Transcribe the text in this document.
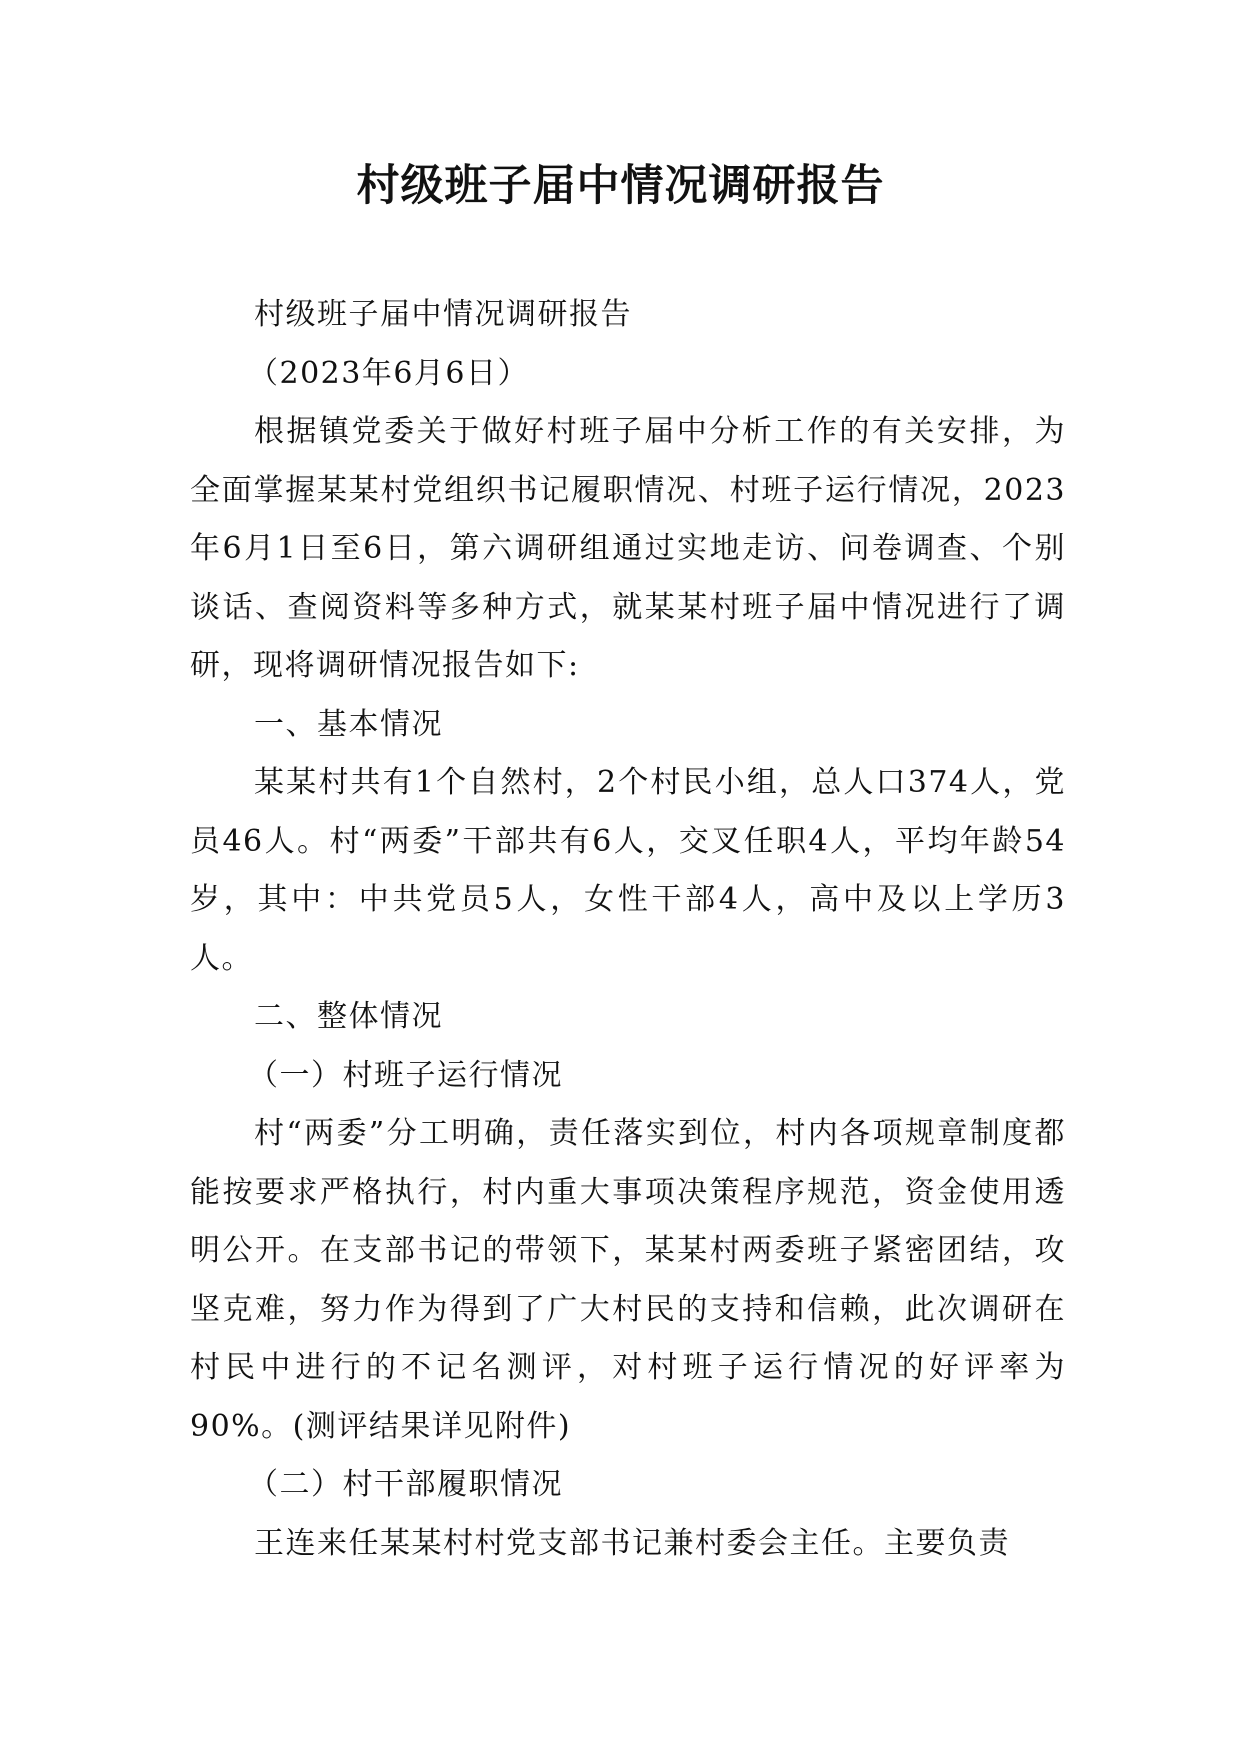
村级班子届中情况调研报告

村级班子届中情况调研报告

（2023年6月6日）

根据镇党委关于做好村班子届中分析工作的有关安排，为全面掌握某某村党组织书记履职情况、村班子运行情况，2023年6月1日至6日，第六调研组通过实地走访、问卷调查、个别谈话、查阅资料等多种方式，就某某村班子届中情况进行了调研，现将调研情况报告如下:

一、基本情况

某某村共有1个自然村，2个村民小组，总人口374人，党员46人。村“两委”干部共有6人，交叉任职4人，平均年龄54岁，其中：中共党员5人，女性干部4人，高中及以上学历3人。

二、整体情况

（一）村班子运行情况

村“两委”分工明确，责任落实到位，村内各项规章制度都能按要求严格执行，村内重大事项决策程序规范，资金使用透明公开。在支部书记的带领下，某某村两委班子紧密团结，攻坚克难，努力作为得到了广大村民的支持和信赖，此次调研在村民中进行的不记名测评，对村班子运行情况的好评率为90%。(测评结果详见附件)

（二）村干部履职情况

王连来任某某村村党支部书记兼村委会主任。主要负责
